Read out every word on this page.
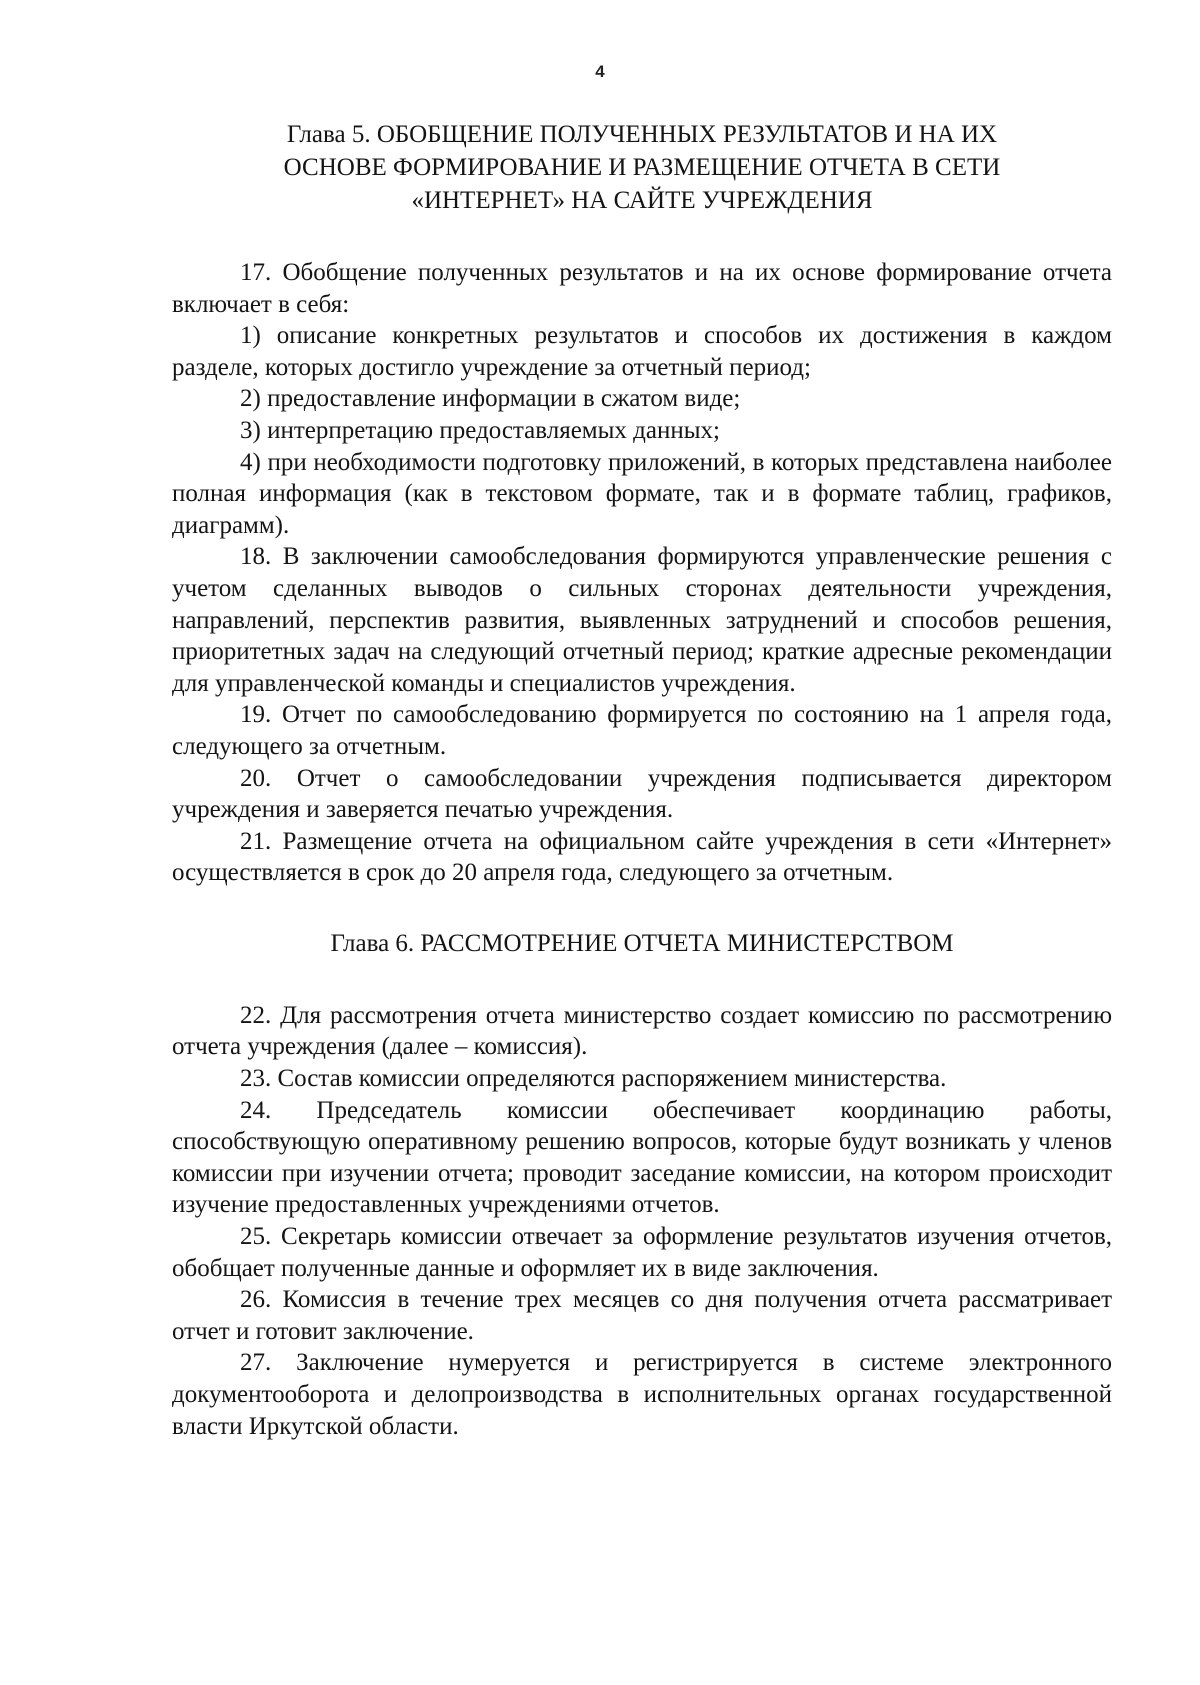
4
Глава 5. ОБОБЩЕНИЕ ПОЛУЧЕННЫХ РЕЗУЛЬТАТОВ И НА ИХ
ОСНОВЕ ФОРМИРОВАНИЕ И РАЗМЕЩЕНИЕ ОТЧЕТА В СЕТИ
«ИНТЕРНЕТ» НА САЙТЕ УЧРЕЖДЕНИЯ

17. Обобщение полученных результатов и на их основе формирование отчета включает в себя:

1) описание конкретных результатов и способов их достижения в каждом разделе, которых достигло учреждение за отчетный период;

2) предоставление информации в сжатом виде;

3) интерпретацию предоставляемых данных;

4) при необходимости подготовку приложений, в которых представлена наиболее полная информация (как в текстовом формате, так и в формате таблиц, графиков, диаграмм).

18. В заключении самообследования формируются управленческие решения с учетом сделанных выводов о сильных сторонах деятельности учреждения, направлений, перспектив развития, выявленных затруднений и способов решения, приоритетных задач на следующий отчетный период; краткие адресные рекомендации для управленческой команды и специалистов учреждения.

19. Отчет по самообследованию формируется по состоянию на 1 апреля года, следующего за отчетным.

20. Отчет о самообследовании учреждения подписывается директором учреждения и заверяется печатью учреждения.

21. Размещение отчета на официальном сайте учреждения в сети «Интернет» осуществляется в срок до 20 апреля года, следующего за отчетным.

Глава 6. РАССМОТРЕНИЕ ОТЧЕТА МИНИСТЕРСТВОМ

22. Для рассмотрения отчета министерство создает комиссию по рассмотрению отчета учреждения (далее – комиссия).

23. Состав комиссии определяются распоряжением министерства.

24. Председатель комиссии обеспечивает координацию работы, способствующую оперативному решению вопросов, которые будут возникать у членов комиссии при изучении отчета; проводит заседание комиссии, на котором происходит изучение предоставленных учреждениями отчетов.

25. Секретарь комиссии отвечает за оформление результатов изучения отчетов, обобщает полученные данные и оформляет их в виде заключения.

26. Комиссия в течение трех месяцев со дня получения отчета рассматривает отчет и готовит заключение.

27. Заключение нумеруется и регистрируется в системе электронного документооборота и делопроизводства в исполнительных органах государственной власти Иркутской области.
